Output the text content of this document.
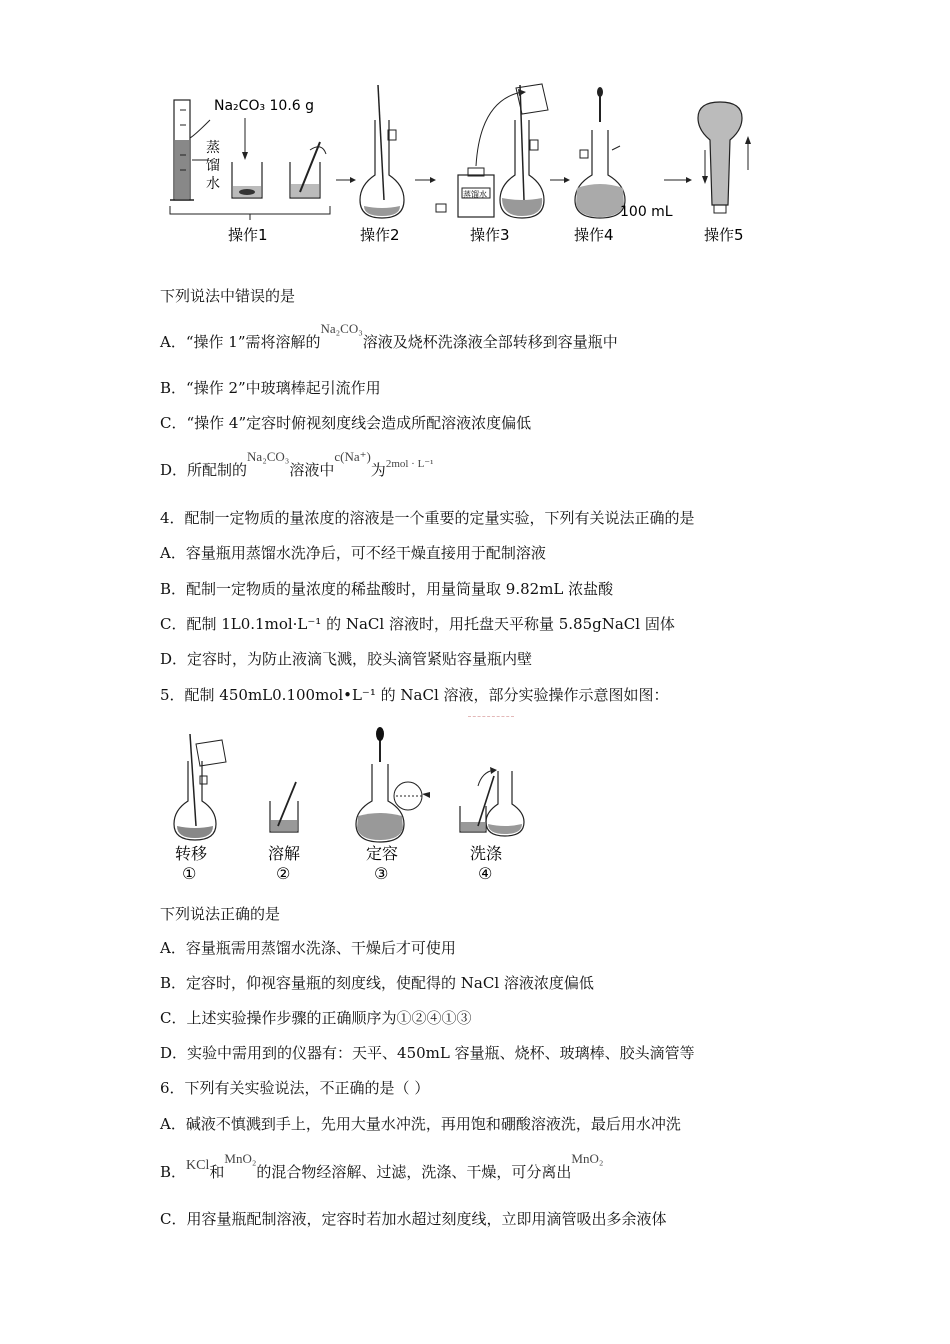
蒸
馏
水
Na₂CO₃ 10.6 g
操作1	操作2
蒸馏水
操作3
100 mL
操作4	操作5
下列说法中错误的是
A．“操作 1”需将溶解的Na₂CO₃溶液及烧杯洗涤液全部转移到容量瓶中
B．“操作 2”中玻璃棒起引流作用
C．“操作 4”定容时俯视刻度线会造成所配溶液浓度偏低
D．所配制的Na₂CO₃溶液中c(Na⁺)为$^{2mol \cdot L^{-1}}$
4．配制一定物质的量浓度的溶液是一个重要的定量实验，下列有关说法正确的是
A．容量瓶用蒸馏水洗净后，可不经干燥直接用于配制溶液
B．配制一定物质的量浓度的稀盐酸时，用量筒量取 9.82mL 浓盐酸
C．配制 1L0.1mol·L⁻¹ 的 NaCl 溶液时，用托盘天平称量 5.85gNaCl 固体
D．定容时，为防止液滴飞溅，胶头滴管紧贴容量瓶内壁
5．配制 450mL0.100mol•L⁻¹ 的 NaCl 溶液，部分实验操作示意图如图：
转移	溶解	定容	洗涤
①	②	③	④
下列说法正确的是
A．容量瓶需用蒸馏水洗涤、干燥后才可使用
B．定容时，仰视容量瓶的刻度线，使配得的 NaCl 溶液浓度偏低
C．上述实验操作步骤的正确顺序为①②④①③
D．实验中需用到的仪器有：天平、450mL 容量瓶、烧杯、玻璃棒、胶头滴管等
6．下列有关实验说法，不正确的是（ ）
A．碱液不慎溅到手上，先用大量水冲洗，再用饱和硼酸溶液洗，最后用水冲洗
B．KCl和MnO₂的混合物经溶解、过滤，洗涤、干燥，可分离出MnO₂
C．用容量瓶配制溶液，定容时若加水超过刻度线，立即用滴管吸出多余液体
